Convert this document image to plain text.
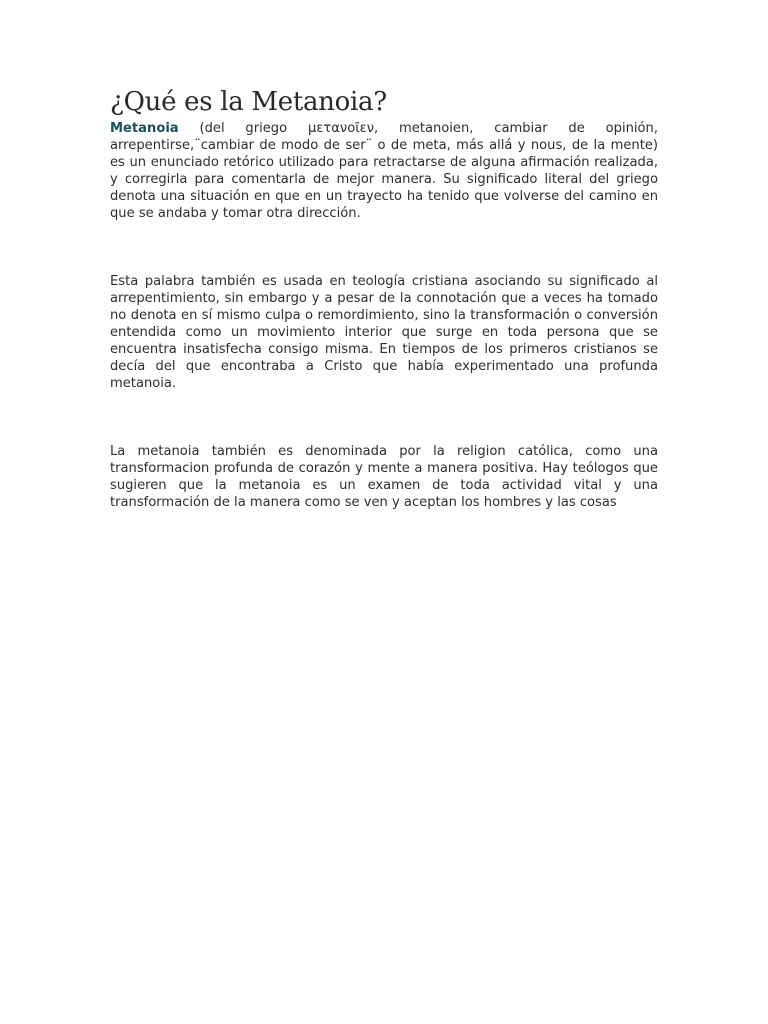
¿Qué es la Metanoia?

Metanoia (del griego μετανοῖεν, metanoien, cambiar de opinión, arrepentirse,¨cambiar de modo de ser¨ o de meta, más allá y nous, de la mente) es un enunciado retórico utilizado para retractarse de alguna afirmación realizada, y corregirla para comentarla de mejor manera. Su significado literal del griego denota una situación en que en un trayecto ha tenido que volverse del camino en que se andaba y tomar otra dirección.

Esta palabra también es usada en teología cristiana asociando su significado al arrepentimiento, sin embargo y a pesar de la connotación que a veces ha tomado no denota en sí mismo culpa o remordimiento, sino la transformación o conversión entendida como un movimiento interior que surge en toda persona que se encuentra insatisfecha consigo misma. En tiempos de los primeros cristianos se decía del que encontraba a Cristo que había experimentado una profunda metanoia.

La metanoia también es denominada por la religion católica, como una transformacion profunda de corazón y mente a manera positiva. Hay teólogos que sugieren que la metanoia es un examen de toda actividad vital y una transformación de la manera como se ven y aceptan los hombres y las cosas
